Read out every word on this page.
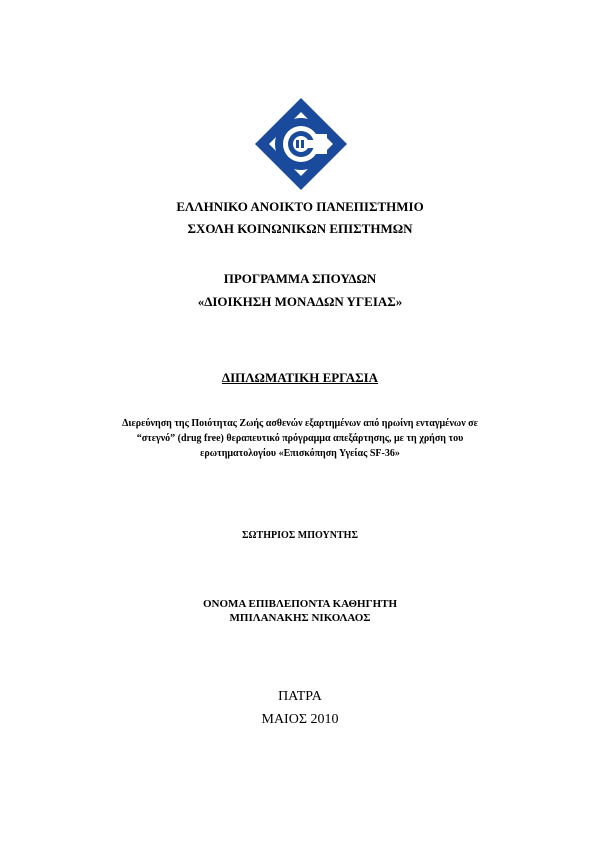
ΕΛΛΗΝΙΚΟ ΑΝΟΙΚΤΟ ΠΑΝΕΠΙΣΤΗΜΙΟ
ΣΧΟΛΗ ΚΟΙΝΩΝΙΚΩΝ ΕΠΙΣΤΗΜΩΝ
ΠΡΟΓΡΑΜΜΑ ΣΠΟΥΔΩΝ
«ΔΙΟΙΚΗΣΗ ΜΟΝΑΔΩΝ ΥΓΕΙΑΣ»
ΔΙΠΛΩΜΑΤΙΚΗ ΕΡΓΑΣΙΑ
Διερεύνηση της Ποιότητας Ζωής ασθενών εξαρτημένων από ηρωίνη ενταγμένων σε
“στεγνό” (drug free) θεραπευτικό πρόγραμμα απεξάρτησης, με τη χρήση του
ερωτηματολογίου «Επισκόπηση Υγείας SF-36»
ΣΩΤΗΡΙΟΣ ΜΠΟΥΝΤΗΣ
ΟΝΟΜΑ ΕΠΙΒΛΕΠΟΝΤΑ ΚΑΘΗΓΗΤΗ
ΜΠΙΛΑΝΑΚΗΣ ΝΙΚΟΛΑΟΣ
ΠΑΤΡΑ
ΜΑΙΟΣ 2010
